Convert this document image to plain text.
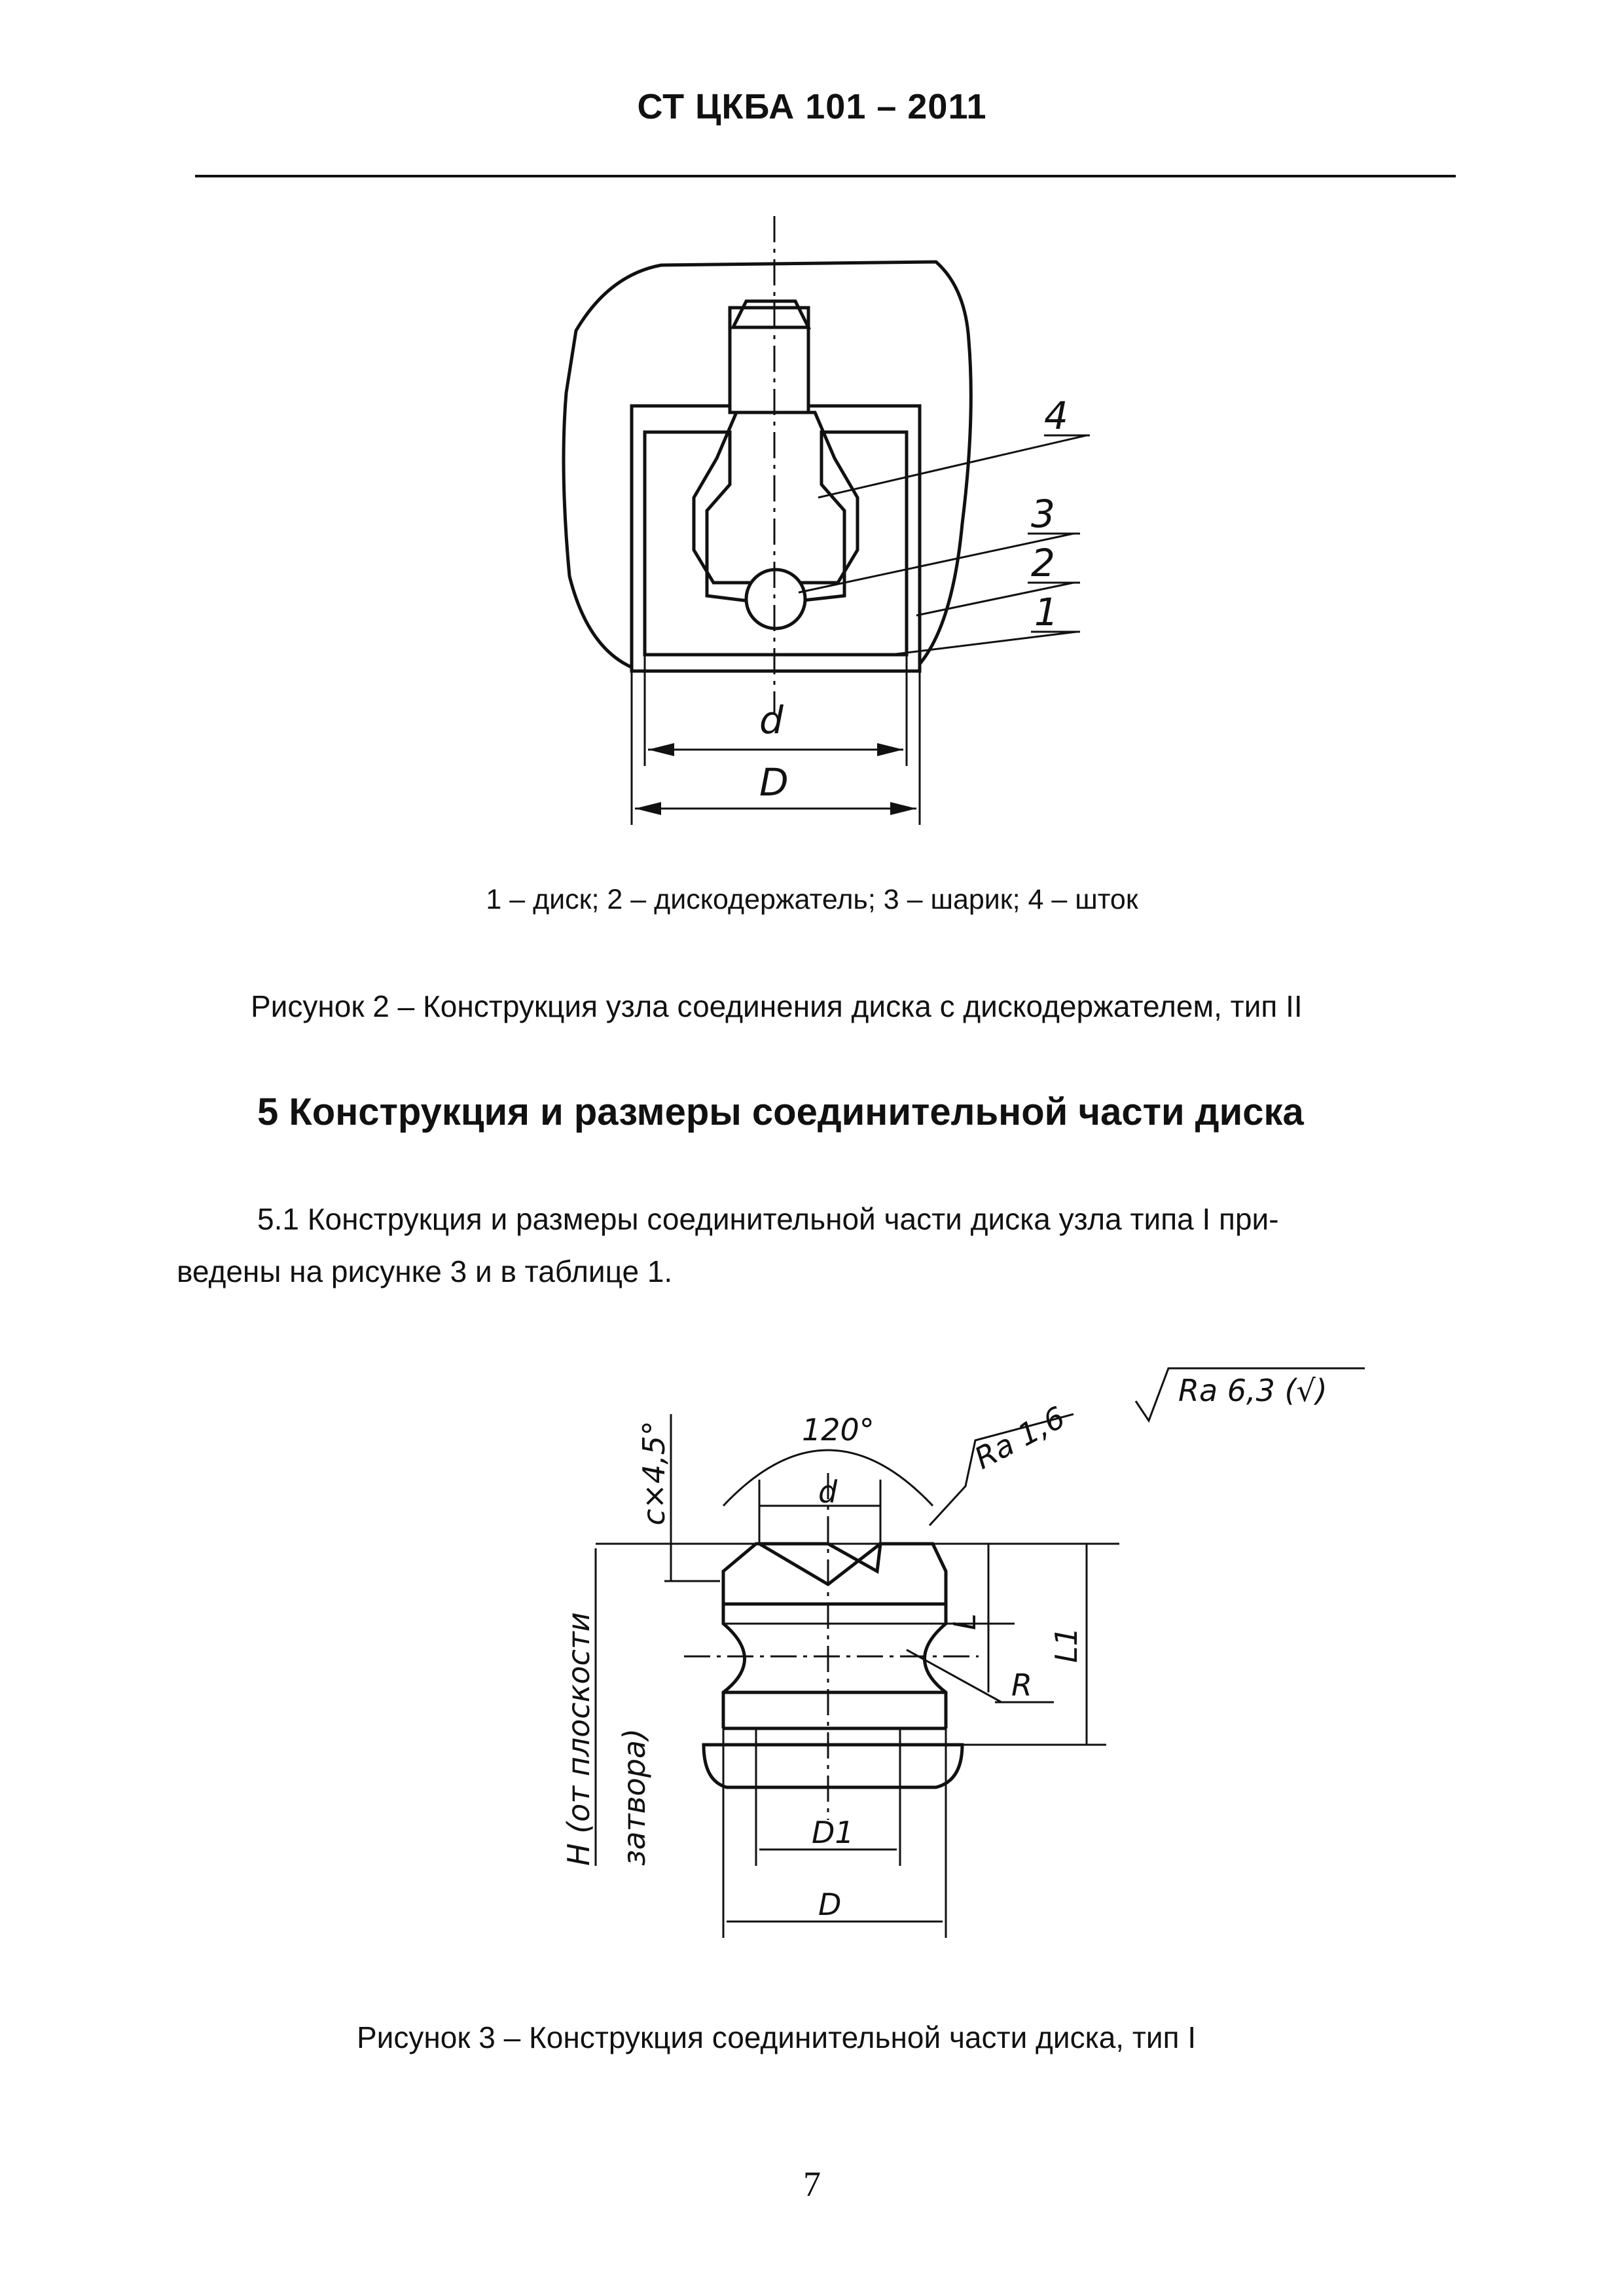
СТ ЦКБА 101 – 2011
d
D
4
3
2
1
120°
d
D1
D
R
L
L1
c×4,5°
H (от плоскости затвора)
Ra 1,6
Ra 6,3 (√)
1 – диск; 2 – дискодержатель; 3 – шарик; 4 – шток
Рисунок 2 – Конструкция узла соединения диска с дискодержателем, тип II
5 Конструкция и размеры соединительной части диска
5.1 Конструкция и размеры соединительной части диска узла типа I при-
ведены на рисунке 3 и в таблице 1.
Рисунок 3 – Конструкция соединительной части диска, тип I
7
